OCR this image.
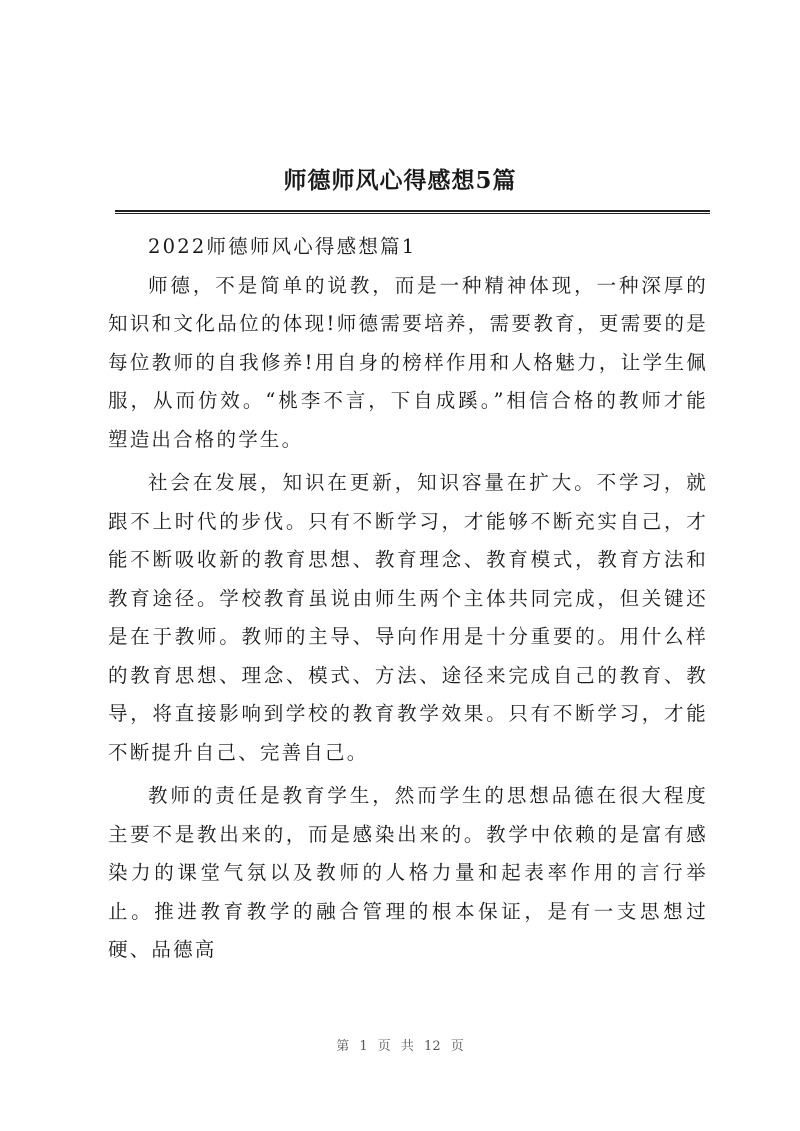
师德师风心得感想5篇

2022师德师风心得感想篇1

师德，不是简单的说教，而是一种精神体现，一种深厚的知识和文化品位的体现!师德需要培养，需要教育，更需要的是每位教师的自我修养!用自身的榜样作用和人格魅力，让学生佩服，从而仿效。“桃李不言，下自成蹊。”相信合格的教师才能塑造出合格的学生。

社会在发展，知识在更新，知识容量在扩大。不学习，就跟不上时代的步伐。只有不断学习，才能够不断充实自己，才能不断吸收新的教育思想、教育理念、教育模式，教育方法和教育途径。学校教育虽说由师生两个主体共同完成，但关键还是在于教师。教师的主导、导向作用是十分重要的。用什么样的教育思想、理念、模式、方法、途径来完成自己的教育、教导，将直接影响到学校的教育教学效果。只有不断学习，才能不断提升自己、完善自己。

教师的责任是教育学生，然而学生的思想品德在很大程度主要不是教出来的，而是感染出来的。教学中依赖的是富有感染力的课堂气氛以及教师的人格力量和起表率作用的言行举止。推进教育教学的融合管理的根本保证，是有一支思想过硬、品德高

第 1 页 共 12 页
